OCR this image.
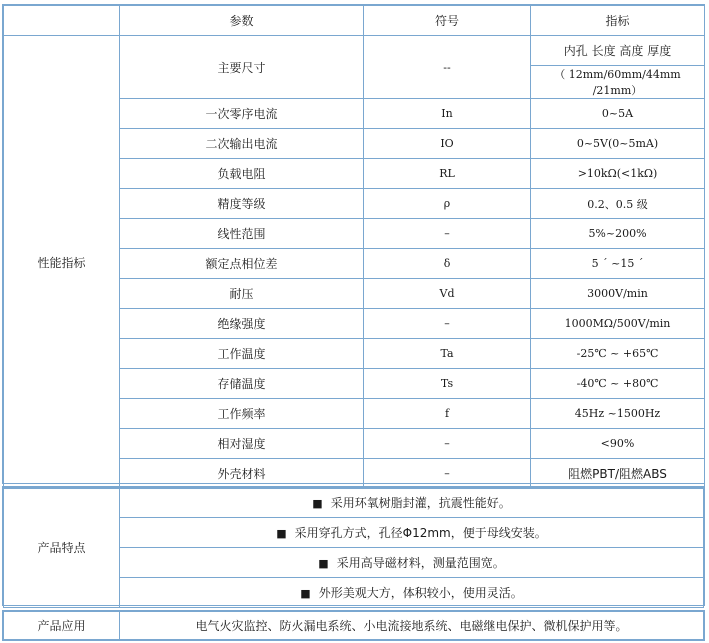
	参数	符号	指标
性能指标	主要尺寸	--	内孔 长度 高度 厚度
			（ 12mm/60mm/44mm /21mm）
	一次零序电流	In	0~5A
	二次输出电流	IO	0~5V(0~5mA)
	负载电阻	RL	>10kΩ(<1kΩ)
	精度等级	ρ	0.2、0.5 级
	线性范围	–	5%~200%
	额定点相位差	δ	5 ´ ~15 ´
	耐压	Vd	3000V/min
	绝缘强度	–	1000MΩ/500V/min
	工作温度	Ta	-25℃ ~ +65℃
	存储温度	Ts	-40℃ ~ +80℃
	工作频率	f	45Hz ~1500Hz
	相对湿度	–	<90%
	外壳材料	–	阻燃PBT/阻燃ABS
产品特点	■ 采用环氧树脂封灌，抗震性能好。
■ 采用穿孔方式，孔径Φ12mm，便于母线安装。
■ 采用高导磁材料，测量范围宽。
■ 外形美观大方，体积较小，使用灵活。
产品应用	电气火灾监控、防火漏电系统、小电流接地系统、电磁继电保护、微机保护用等。
